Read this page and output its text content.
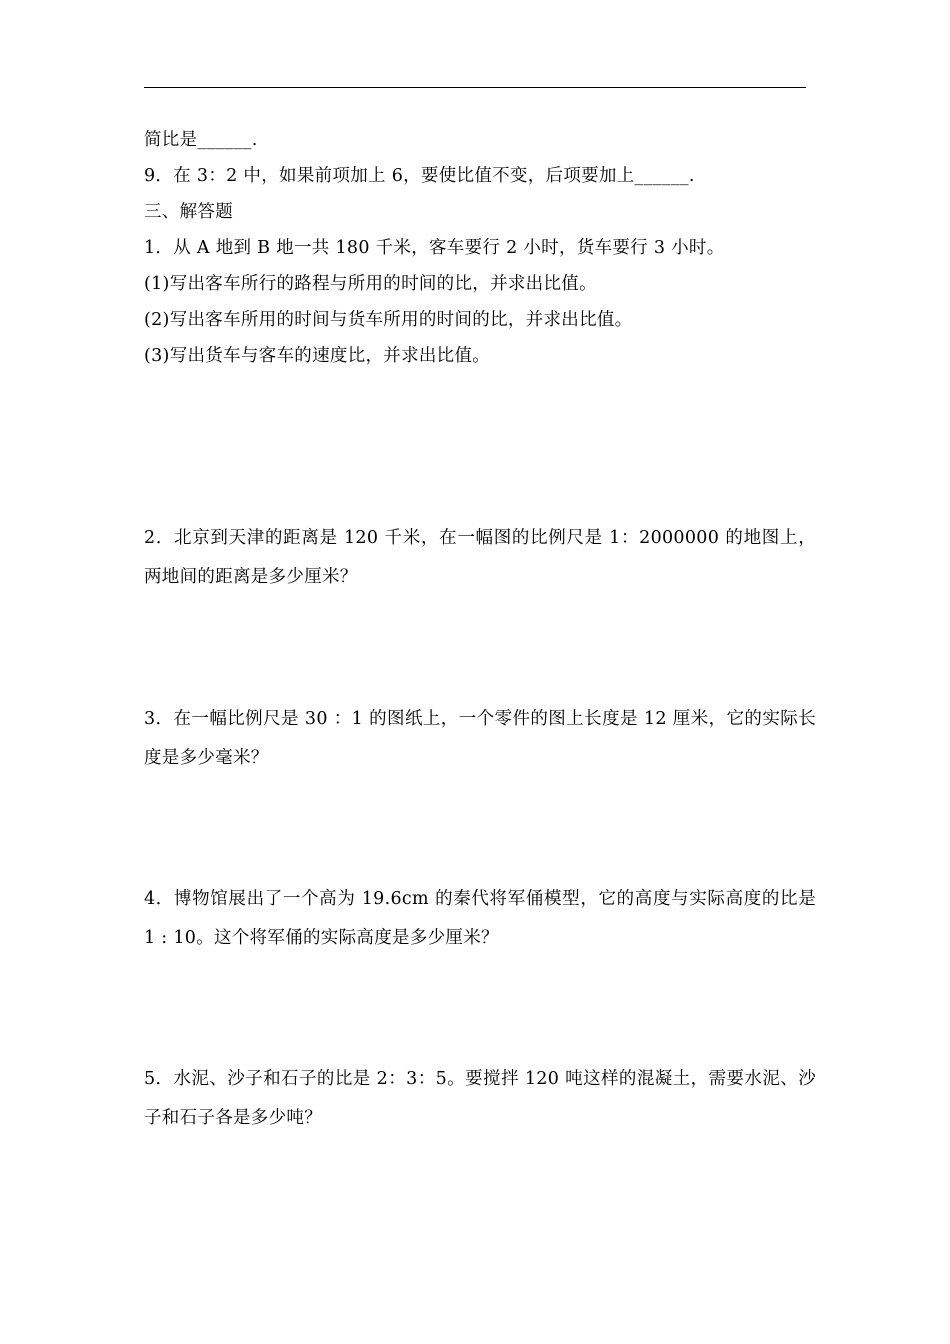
简比是______.
9．在 3：2 中，如果前项加上 6，要使比值不变，后项要加上______.
三、解答题
1．从 A 地到 B 地一共 180 千米，客车要行 2 小时，货车要行 3 小时。
(1)写出客车所行的路程与所用的时间的比，并求出比值。
(2)写出客车所用的时间与货车所用的时间的比，并求出比值。
(3)写出货车与客车的速度比，并求出比值。
2．北京到天津的距离是 120 千米，在一幅图的比例尺是 1：2000000 的地图上，两地间的距离是多少厘米？
3．在一幅比例尺是 30 ：1 的图纸上，一个零件的图上长度是 12 厘米，它的实际长度是多少毫米？
4．博物馆展出了一个高为 19.6cm 的秦代将军俑模型，它的高度与实际高度的比是 1 : 10。这个将军俑的实际高度是多少厘米？
5．水泥、沙子和石子的比是 2：3：5。要搅拌 120 吨这样的混凝土，需要水泥、沙子和石子各是多少吨？
